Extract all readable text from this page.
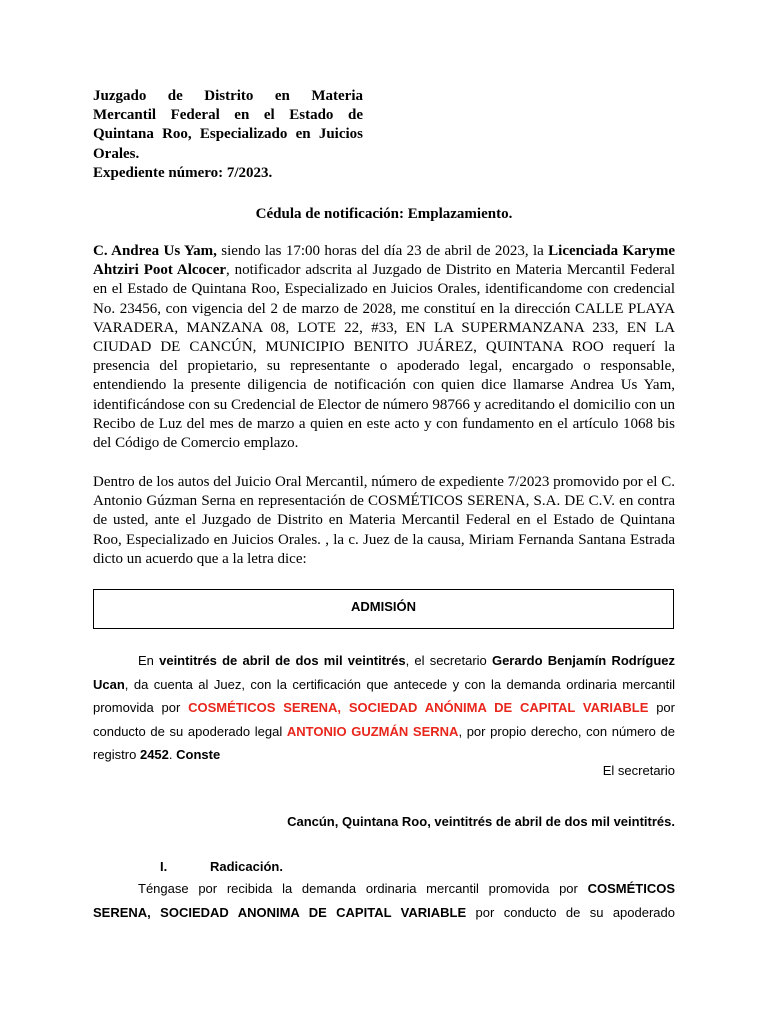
Juzgado de Distrito en Materia
Mercantil Federal en el Estado de
Quintana Roo, Especializado en Juicios
Orales.
Expediente número: 7/2023.

Cédula de notificación: Emplazamiento.

C. Andrea Us Yam, siendo las 17:00 horas del día 23 de abril de 2023, la Licenciada Karyme Ahtziri Poot Alcocer, notificador adscrita al Juzgado de Distrito en Materia Mercantil Federal en el Estado de Quintana Roo, Especializado en Juicios Orales, identificandome con credencial No. 23456, con vigencia del 2 de marzo de 2028, me constituí en la dirección CALLE PLAYA VARADERA, MANZANA 08, LOTE 22, #33, EN LA SUPERMANZANA 233, EN LA CIUDAD DE CANCÚN, MUNICIPIO BENITO JUÁREZ, QUINTANA ROO requerí la presencia del propietario, su representante o apoderado legal, encargado o responsable, entendiendo la presente diligencia de notificación con quien dice llamarse Andrea Us Yam, identificándose con su Credencial de Elector de número 98766 y acreditando el domicilio con un Recibo de Luz del mes de marzo a quien en este acto y con fundamento en el artículo 1068 bis del Código de Comercio emplazo.

Dentro de los autos del Juicio Oral Mercantil, número de expediente 7/2023 promovido por el C. Antonio Gúzman Serna en representación de COSMÉTICOS SERENA, S.A. DE C.V. en contra de usted, ante el Juzgado de Distrito en Materia Mercantil Federal en el Estado de Quintana Roo, Especializado en Juicios Orales. , la c. Juez de la causa, Miriam Fernanda Santana Estrada dicto un acuerdo que a la letra dice:

ADMISIÓN

En veintitrés de abril de dos mil veintitrés, el secretario Gerardo Benjamín Rodríguez Ucan, da cuenta al Juez, con la certificación que antecede y con la demanda ordinaria mercantil promovida por COSMÉTICOS SERENA, SOCIEDAD ANÓNIMA DE CAPITAL VARIABLE por conducto de su apoderado legal ANTONIO GUZMÁN SERNA, por propio derecho, con número de registro 2452. Conste

El secretario

Cancún, Quintana Roo, veintitrés de abril de dos mil veintitrés.

I.	Radicación.

Téngase por recibida la demanda ordinaria mercantil promovida por COSMÉTICOS SERENA, SOCIEDAD ANONIMA DE CAPITAL VARIABLE por conducto de su apoderado
